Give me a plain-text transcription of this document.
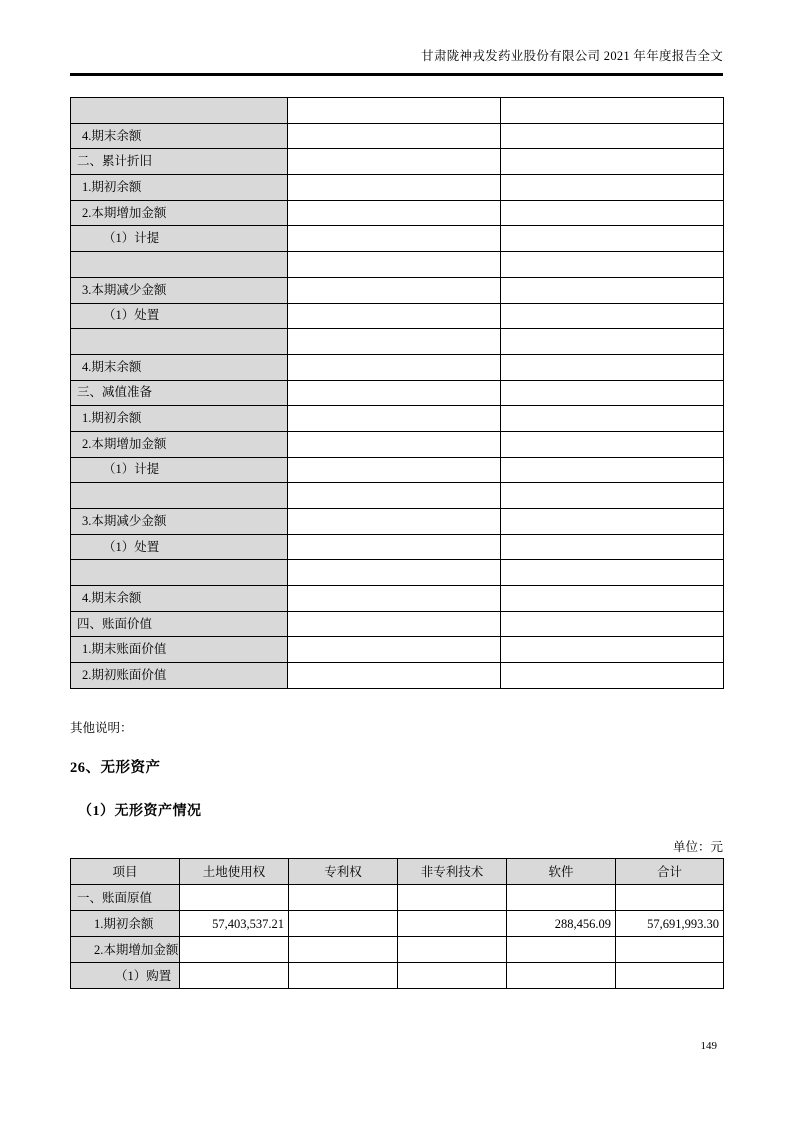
甘肃陇神戎发药业股份有限公司 2021 年年度报告全文

4.期末余额		
二、累计折旧		
1.期初余额		
2.本期增加金额		
（1）计提		

3.本期减少金额		
（1）处置		

4.期末余额		
三、减值准备		
1.期初余额		
2.本期增加金额		
（1）计提		

3.本期减少金额		
（1）处置		

4.期末余额		
四、账面价值		
1.期末账面价值		
2.期初账面价值		
其他说明：
26、无形资产
（1）无形资产情况
单位：元
项目	土地使用权	专利权	非专利技术	软件	合计
一、账面原值					
1.期初余额	57,403,537.21			288,456.09	57,691,993.30
2.本期增加金额					
（1）购置					
149
